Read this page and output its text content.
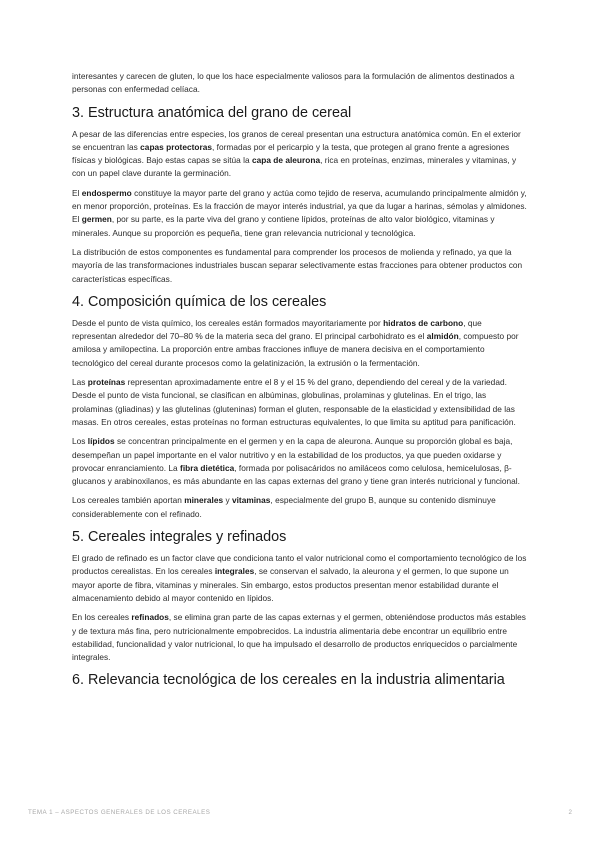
interesantes y carecen de gluten, lo que los hace especialmente valiosos para la formulación de alimentos destinados a personas con enfermedad celíaca.

3. Estructura anatómica del grano de cereal

A pesar de las diferencias entre especies, los granos de cereal presentan una estructura anatómica común. En el exterior se encuentran las capas protectoras, formadas por el pericarpio y la testa, que protegen al grano frente a agresiones físicas y biológicas. Bajo estas capas se sitúa la capa de aleurona, rica en proteínas, enzimas, minerales y vitaminas, y con un papel clave durante la germinación.

El endospermo constituye la mayor parte del grano y actúa como tejido de reserva, acumulando principalmente almidón y, en menor proporción, proteínas. Es la fracción de mayor interés industrial, ya que da lugar a harinas, sémolas y almidones. El germen, por su parte, es la parte viva del grano y contiene lípidos, proteínas de alto valor biológico, vitaminas y minerales. Aunque su proporción es pequeña, tiene gran relevancia nutricional y tecnológica.

La distribución de estos componentes es fundamental para comprender los procesos de molienda y refinado, ya que la mayoría de las transformaciones industriales buscan separar selectivamente estas fracciones para obtener productos con características específicas.

4. Composición química de los cereales

Desde el punto de vista químico, los cereales están formados mayoritariamente por hidratos de carbono, que representan alrededor del 70–80 % de la materia seca del grano. El principal carbohidrato es el almidón, compuesto por amilosa y amilopectina. La proporción entre ambas fracciones influye de manera decisiva en el comportamiento tecnológico del cereal durante procesos como la gelatinización, la extrusión o la fermentación.

Las proteínas representan aproximadamente entre el 8 y el 15 % del grano, dependiendo del cereal y de la variedad. Desde el punto de vista funcional, se clasifican en albúminas, globulinas, prolaminas y glutelinas. En el trigo, las prolaminas (gliadinas) y las glutelinas (gluteninas) forman el gluten, responsable de la elasticidad y extensibilidad de las masas. En otros cereales, estas proteínas no forman estructuras equivalentes, lo que limita su aptitud para panificación.

Los lípidos se concentran principalmente en el germen y en la capa de aleurona. Aunque su proporción global es baja, desempeñan un papel importante en el valor nutritivo y en la estabilidad de los productos, ya que pueden oxidarse y provocar enranciamiento. La fibra dietética, formada por polisacáridos no amiláceos como celulosa, hemicelulosas, β-glucanos y arabinoxilanos, es más abundante en las capas externas del grano y tiene gran interés nutricional y funcional.

Los cereales también aportan minerales y vitaminas, especialmente del grupo B, aunque su contenido disminuye considerablemente con el refinado.

5. Cereales integrales y refinados

El grado de refinado es un factor clave que condiciona tanto el valor nutricional como el comportamiento tecnológico de los productos cerealistas. En los cereales integrales, se conservan el salvado, la aleurona y el germen, lo que supone un mayor aporte de fibra, vitaminas y minerales. Sin embargo, estos productos presentan menor estabilidad durante el almacenamiento debido al mayor contenido en lípidos.

En los cereales refinados, se elimina gran parte de las capas externas y el germen, obteniéndose productos más estables y de textura más fina, pero nutricionalmente empobrecidos. La industria alimentaria debe encontrar un equilibrio entre estabilidad, funcionalidad y valor nutricional, lo que ha impulsado el desarrollo de productos enriquecidos o parcialmente integrales.

6. Relevancia tecnológica de los cereales en la industria alimentaria
TEMA 1 – ASPECTOS GENERALES DE LOS CEREALES	2
